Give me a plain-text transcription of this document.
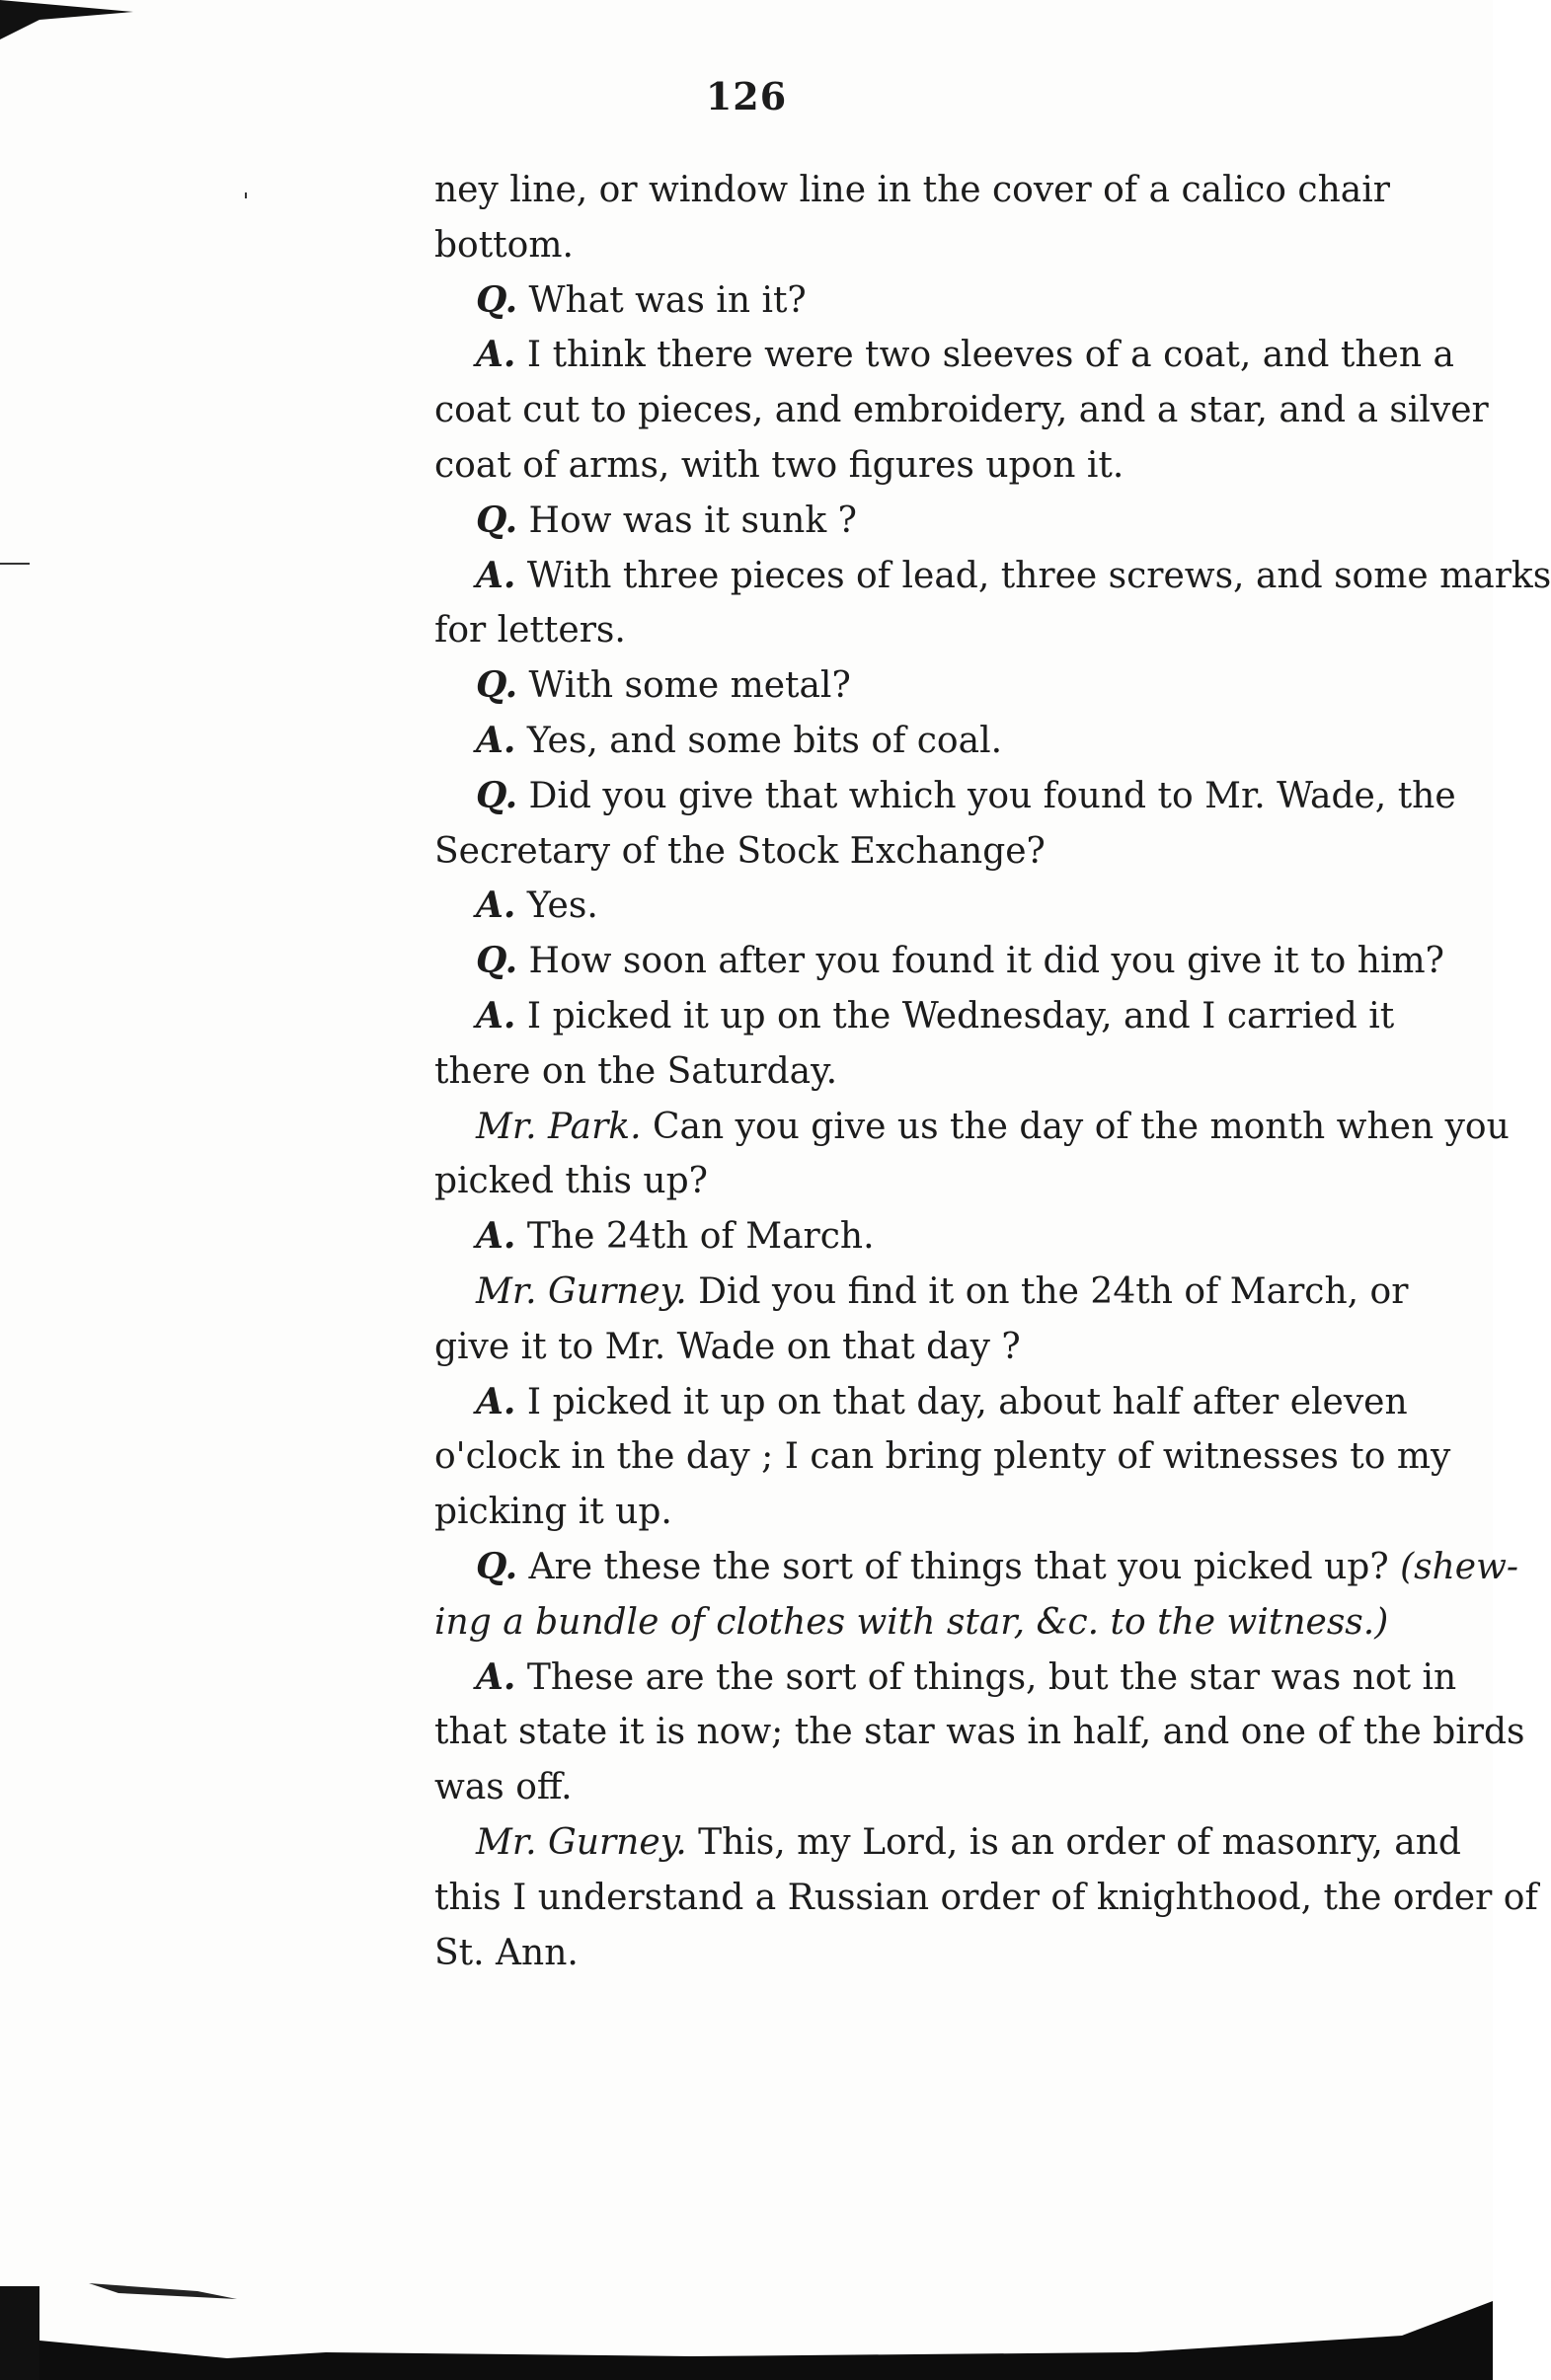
126
ney line, or window line in the cover of a calico chair
bottom.
Q. What was in it?
A. I think there were two sleeves of a coat, and then a
coat cut to pieces, and embroidery, and a star, and a silver
coat of arms, with two figures upon it.
Q. How was it sunk ?
A. With three pieces of lead, three screws, and some marks
for letters.
Q. With some metal?
A. Yes, and some bits of coal.
Q. Did you give that which you found to Mr. Wade, the
Secretary of the Stock Exchange?
A. Yes.
Q. How soon after you found it did you give it to him?
A. I picked it up on the Wednesday, and I carried it
there on the Saturday.
Mr. Park. Can you give us the day of the month when you
picked this up?
A. The 24th of March.
Mr. Gurney. Did you find it on the 24th of March, or
give it to Mr. Wade on that day ?
A. I picked it up on that day, about half after eleven
o'clock in the day ; I can bring plenty of witnesses to my
picking it up.
Q. Are these the sort of things that you picked up? (shew-
ing a bundle of clothes with star, &c. to the witness.)
A. These are the sort of things, but the star was not in
that state it is now; the star was in half, and one of the birds
was off.
Mr. Gurney. This, my Lord, is an order of masonry, and
this I understand a Russian order of knighthood, the order of
St. Ann.
